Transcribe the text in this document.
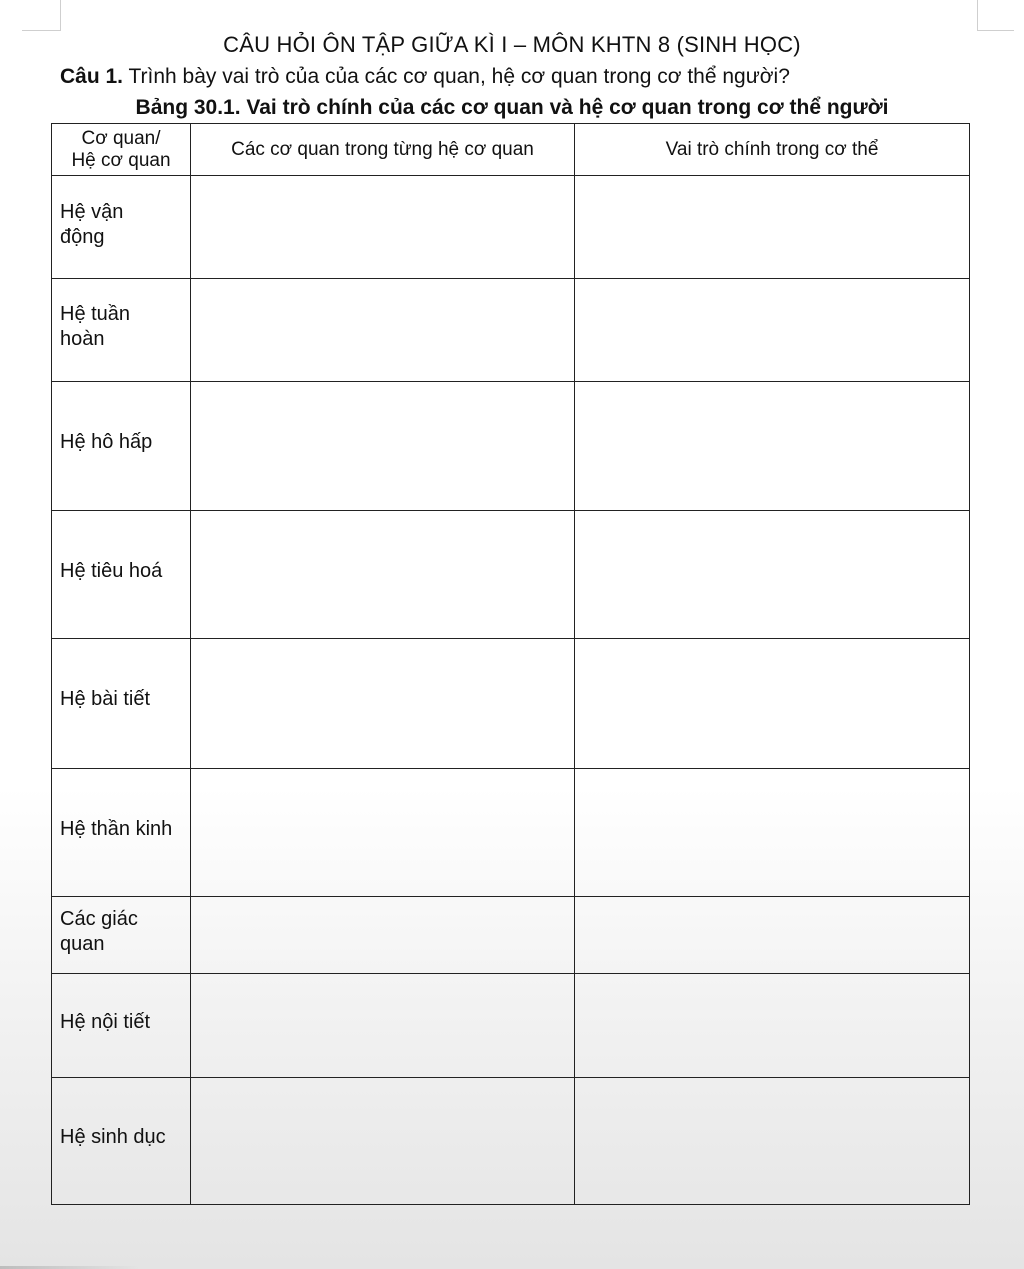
CÂU HỎI ÔN TẬP GIỮA KÌ I – MÔN KHTN 8 (SINH HỌC)
Câu 1. Trình bày vai trò của của các cơ quan, hệ cơ quan trong cơ thể người?
Bảng 30.1. Vai trò chính của các cơ quan và hệ cơ quan trong cơ thể người
Cơ quan/
Hệ cơ quan	Các cơ quan trong từng hệ cơ quan	Vai trò chính trong cơ thể

Hệ vận
động		

Hệ tuần
hoàn		

Hệ hô hấp		

Hệ tiêu hoá		

Hệ bài tiết		

Hệ thần kinh		

Các giác
quan		

Hệ nội tiết		

Hệ sinh dục		
